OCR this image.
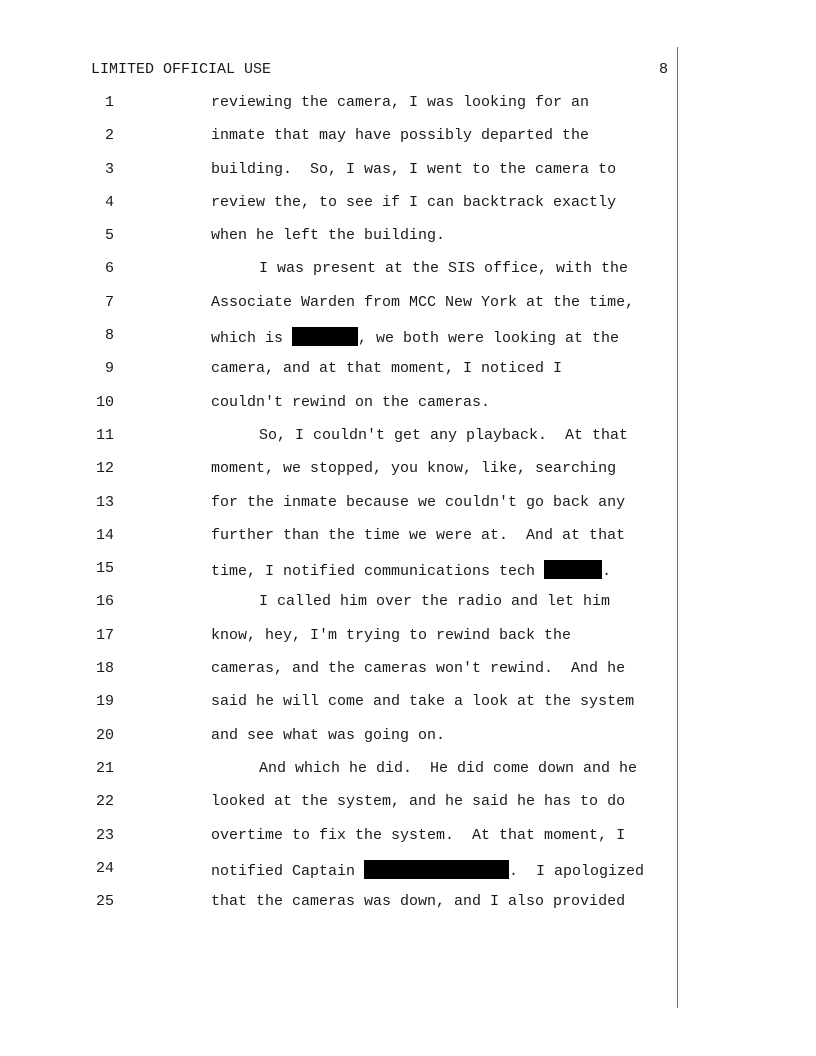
LIMITED OFFICIAL USE	8
1	reviewing the camera, I was looking for an
2	inmate that may have possibly departed the
3	building.  So, I was, I went to the camera to
4	review the, to see if I can backtrack exactly
5	when he left the building.
6	I was present at the SIS office, with the
7	Associate Warden from MCC New York at the time,
8	which is	, we both were looking at the
9	camera, and at that moment, I noticed I
10	couldn't rewind on the cameras.
11	So, I couldn't get any playback.  At that
12	moment, we stopped, you know, like, searching
13	for the inmate because we couldn't go back any
14	further than the time we were at.  And at that
15	time, I notified communications tech	.
16	I called him over the radio and let him
17	know, hey, I'm trying to rewind back the
18	cameras, and the cameras won't rewind.  And he
19	said he will come and take a look at the system
20	and see what was going on.
21	And which he did.  He did come down and he
22	looked at the system, and he said he has to do
23	overtime to fix the system.  At that moment, I
24	notified Captain	.  I apologized
25	that the cameras was down, and I also provided
